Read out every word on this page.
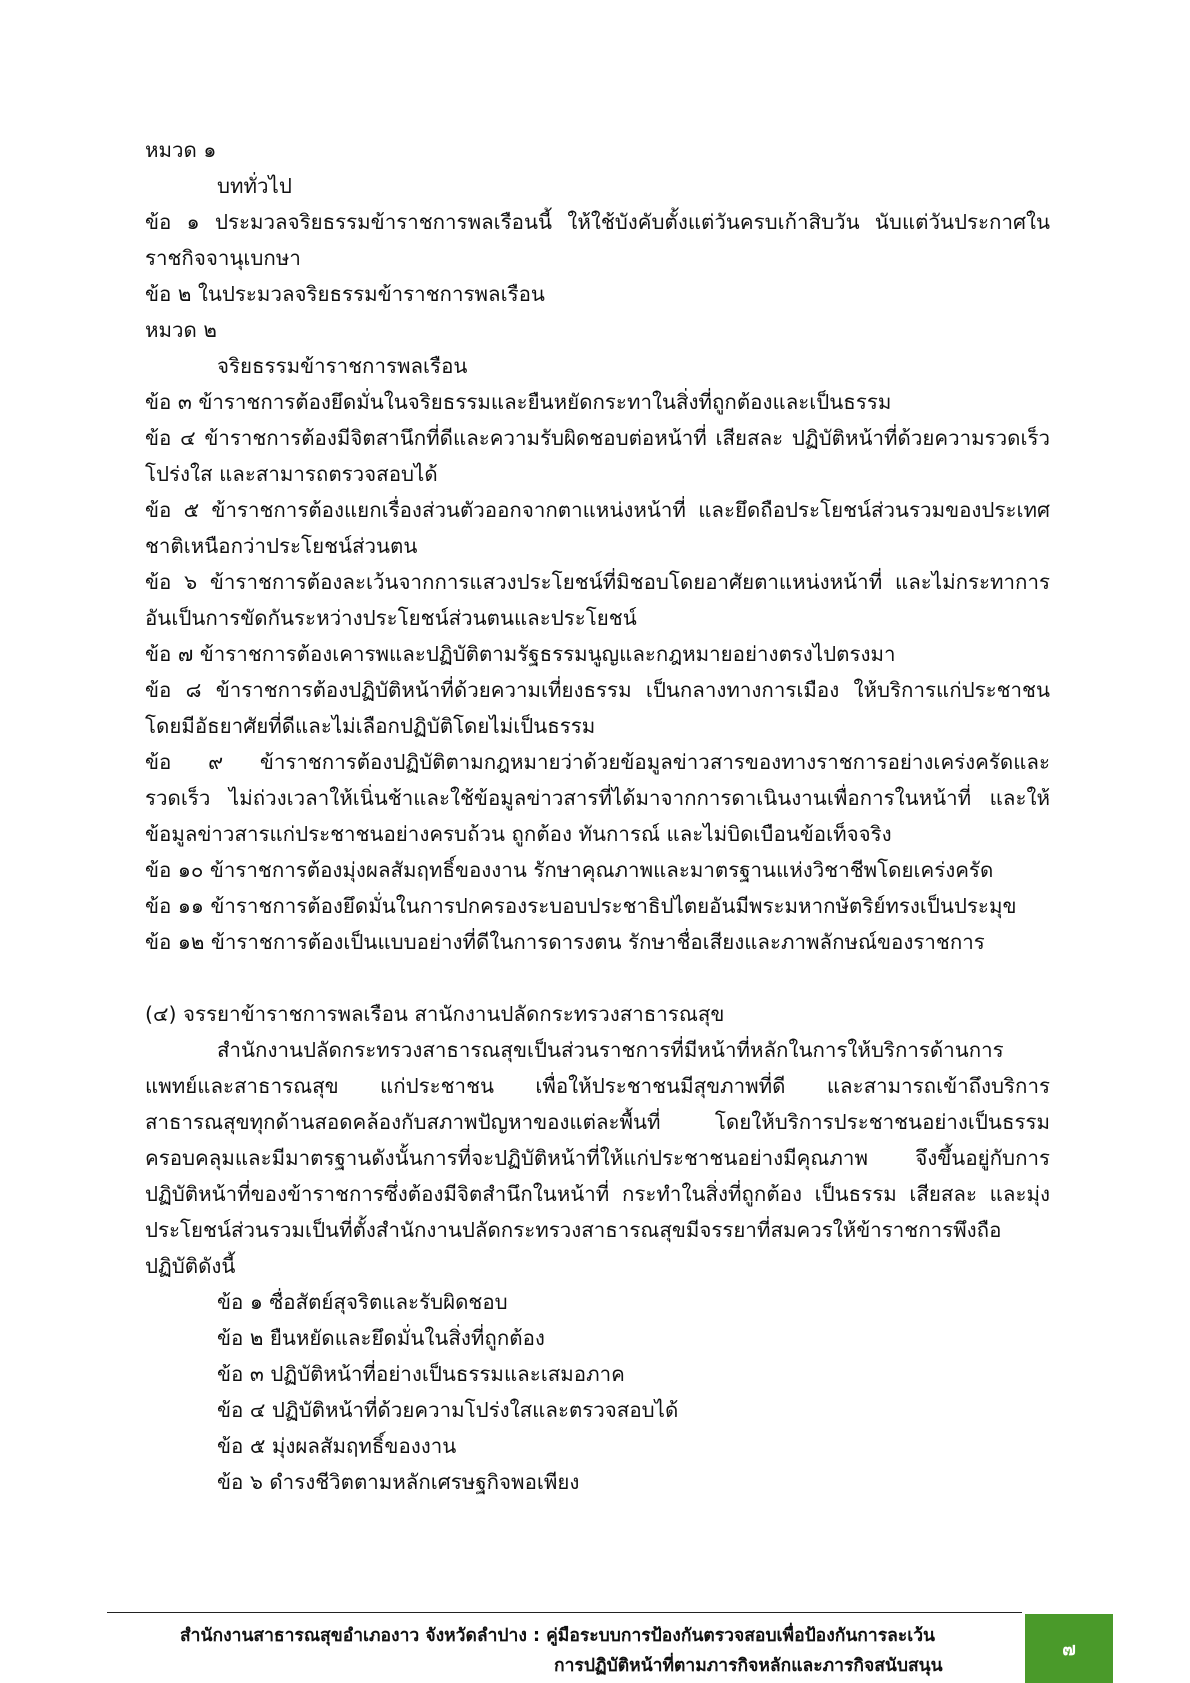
หมวด ๑
บททั่วไป
ข้อ ๑ ประมวลจริยธรรมข้าราชการพลเรือนนี้ ให้ใช้บังคับตั้งแต่วันครบเก้าสิบวัน นับแต่วันประกาศในราชกิจจานุเบกษา
ข้อ ๒ ในประมวลจริยธรรมข้าราชการพลเรือน
หมวด ๒
จริยธรรมข้าราชการพลเรือน
ข้อ ๓ ข้าราชการต้องยึดมั่นในจริยธรรมและยืนหยัดกระทาในสิ่งที่ถูกต้องและเป็นธรรม
ข้อ ๔ ข้าราชการต้องมีจิตสานึกที่ดีและความรับผิดชอบต่อหน้าที่ เสียสละ ปฏิบัติหน้าที่ด้วยความรวดเร็วโปร่งใส และสามารถตรวจสอบได้
ข้อ ๕ ข้าราชการต้องแยกเรื่องส่วนตัวออกจากตาแหน่งหน้าที่ และยึดถือประโยชน์ส่วนรวมของประเทศชาติเหนือกว่าประโยชน์ส่วนตน
ข้อ ๖ ข้าราชการต้องละเว้นจากการแสวงประโยชน์ที่มิชอบโดยอาศัยตาแหน่งหน้าที่ และไม่กระทาการอันเป็นการขัดกันระหว่างประโยชน์ส่วนตนและประโยชน์
ข้อ ๗ ข้าราชการต้องเคารพและปฏิบัติตามรัฐธรรมนูญและกฎหมายอย่างตรงไปตรงมา
ข้อ ๘ ข้าราชการต้องปฏิบัติหน้าที่ด้วยความเที่ยงธรรม เป็นกลางทางการเมือง ให้บริการแก่ประชาชนโดยมีอัธยาศัยที่ดีและไม่เลือกปฏิบัติโดยไม่เป็นธรรม
ข้อ ๙ ข้าราชการต้องปฏิบัติตามกฎหมายว่าด้วยข้อมูลข่าวสารของทางราชการอย่างเคร่งครัดและรวดเร็ว ไม่ถ่วงเวลาให้เนิ่นช้าและใช้ข้อมูลข่าวสารที่ได้มาจากการดาเนินงานเพื่อการในหน้าที่ และให้ข้อมูลข่าวสารแก่ประชาชนอย่างครบถ้วน ถูกต้อง ทันการณ์ และไม่บิดเบือนข้อเท็จจริง
ข้อ ๑๐ ข้าราชการต้องมุ่งผลสัมฤทธิ์ของงาน รักษาคุณภาพและมาตรฐานแห่งวิชาชีพโดยเคร่งครัด
ข้อ ๑๑ ข้าราชการต้องยึดมั่นในการปกครองระบอบประชาธิปไตยอันมีพระมหากษัตริย์ทรงเป็นประมุข
ข้อ ๑๒ ข้าราชการต้องเป็นแบบอย่างที่ดีในการดารงตน รักษาชื่อเสียงและภาพลักษณ์ของราชการ
(๔) จรรยาข้าราชการพลเรือน สานักงานปลัดกระทรวงสาธารณสุข
สำนักงานปลัดกระทรวงสาธารณสุขเป็นส่วนราชการที่มีหน้าที่หลักในการให้บริการด้านการแพทย์และสาธารณสุข แก่ประชาชน เพื่อให้ประชาชนมีสุขภาพที่ดี และสามารถเข้าถึงบริการสาธารณสุขทุกด้านสอดคล้องกับสภาพปัญหาของแต่ละพื้นที่ โดยให้บริการประชาชนอย่างเป็นธรรมครอบคลุมและมีมาตรฐานดังนั้นการที่จะปฏิบัติหน้าที่ให้แก่ประชาชนอย่างมีคุณภาพ จึงขึ้นอยู่กับการปฏิบัติหน้าที่ของข้าราชการซึ่งต้องมีจิตสำนึกในหน้าที่ กระทำในสิ่งที่ถูกต้อง เป็นธรรม เสียสละ และมุ่งประโยชน์ส่วนรวมเป็นที่ตั้งสำนักงานปลัดกระทรวงสาธารณสุขมีจรรยาที่สมควรให้ข้าราชการพึงถือปฏิบัติดังนี้
ข้อ ๑ ซื่อสัตย์สุจริตและรับผิดชอบ
ข้อ ๒ ยืนหยัดและยึดมั่นในสิ่งที่ถูกต้อง
ข้อ ๓ ปฏิบัติหน้าที่อย่างเป็นธรรมและเสมอภาค
ข้อ ๔ ปฏิบัติหน้าที่ด้วยความโปร่งใสและตรวจสอบได้
ข้อ ๕ มุ่งผลสัมฤทธิ์ของงาน
ข้อ ๖ ดำรงชีวิตตามหลักเศรษฐกิจพอเพียง
สำนักงานสาธารณสุขอำเภองาว จังหวัดลำปาง : คู่มือระบบการป้องกันตรวจสอบเพื่อป้องกันการละเว้น
การปฏิบัติหน้าที่ตามภารกิจหลักและภารกิจสนับสนุน
๗
